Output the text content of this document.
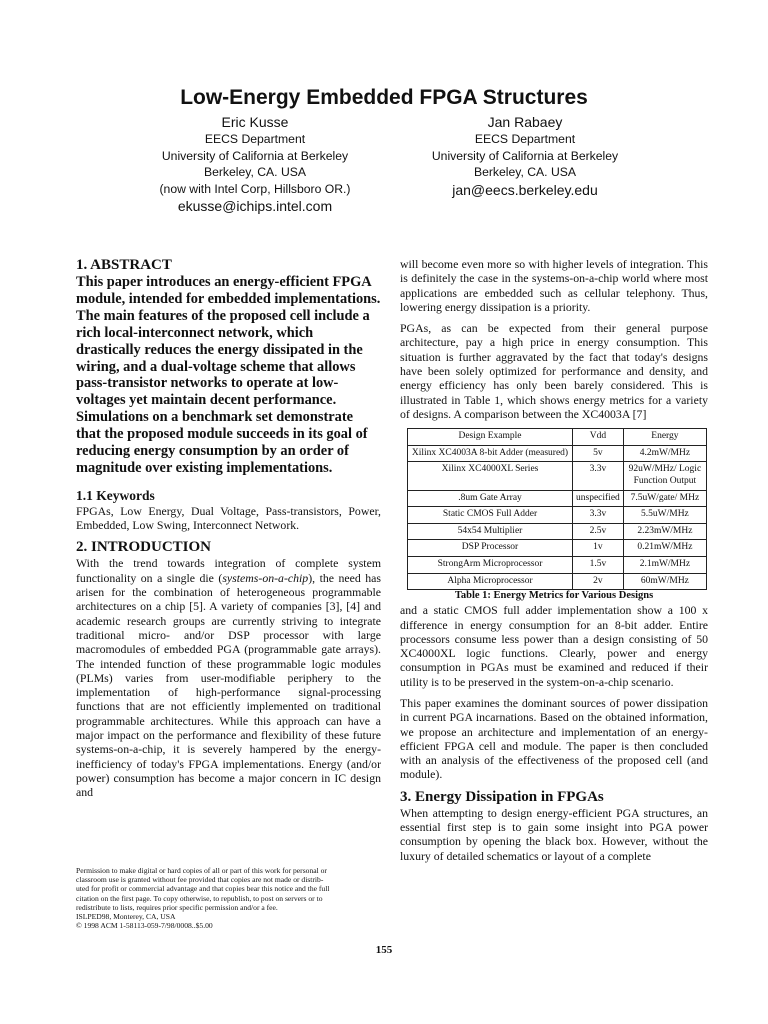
Low-Energy Embedded FPGA Structures
Eric Kusse
EECS Department
University of California at Berkeley
Berkeley, CA. USA
(now with Intel Corp, Hillsboro OR.)
ekusse@ichips.intel.com
Jan Rabaey
EECS Department
University of California at Berkeley
Berkeley, CA. USA
jan@eecs.berkeley.edu
1. ABSTRACT
This paper introduces an energy-efficient FPGA module, intended for embedded implementations. The main features of the proposed cell include a rich local-interconnect network, which drastically reduces the energy dissipated in the wiring, and a dual-voltage scheme that allows pass-transistor networks to operate at low-voltages yet maintain decent performance. Simulations on a benchmark set demonstrate that the proposed module succeeds in its goal of reducing energy consumption by an order of magnitude over existing implementations.
1.1 Keywords

FPGAs, Low Energy, Dual Voltage, Pass-transistors, Power, Embedded, Low Swing, Interconnect Network.

2. INTRODUCTION

With the trend towards integration of complete system functionality on a single die (systems-on-a-chip), the need has arisen for the combination of heterogeneous programmable architectures on a chip [5]. A variety of companies [3], [4] and academic research groups are currently striving to integrate traditional micro- and/or DSP processor with large macromodules of embedded PGA (programmable gate arrays). The intended function of these programmable logic modules (PLMs) varies from user-modifiable periphery to the implementation of high-performance signal-processing functions that are not efficiently implemented on traditional programmable architectures. While this approach can have a major impact on the performance and flexibility of these future systems-on-a-chip, it is severely hampered by the energy-inefficiency of today's FPGA implementations. Energy (and/or power) consumption has become a major concern in IC design and

will become even more so with higher levels of integration. This is definitely the case in the systems-on-a-chip world where most applications are embedded such as cellular telephony. Thus, lowering energy dissipation is a priority.

PGAs, as can be expected from their general purpose architecture, pay a high price in energy consumption. This situation is further aggravated by the fact that today's designs have been solely optimized for performance and density, and energy efficiency has only been barely considered. This is illustrated in Table 1, which shows energy metrics for a variety of designs. A comparison between the XC4003A [7]

Design Example	Vdd	Energy
Xilinx XC4003A 8-bit Adder (measured)	5v	4.2mW/MHz
Xilinx XC4000XL Series	3.3v	92uW/MHz/ Logic Function Output
.8um Gate Array	unspecified	7.5uW/gate/ MHz
Static CMOS Full Adder	3.3v	5.5uW/MHz
54x54 Multiplier	2.5v	2.23mW/MHz
DSP Processor	1v	0.21mW/MHz
StrongArm Microprocessor	1.5v	2.1mW/MHz
Alpha Microprocessor	2v	60mW/MHz
Table 1: Energy Metrics for Various Designs

and a static CMOS full adder implementation show a 100 x difference in energy consumption for an 8-bit adder. Entire processors consume less power than a design consisting of 50 XC4000XL logic functions. Clearly, power and energy consumption in PGAs must be examined and reduced if their utility is to be preserved in the system-on-a-chip scenario.

This paper examines the dominant sources of power dissipation in current PGA incarnations. Based on the obtained information, we propose an architecture and implementation of an energy-efficient FPGA cell and module. The paper is then concluded with an analysis of the effectiveness of the proposed cell (and module).

3. Energy Dissipation in FPGAs

When attempting to design energy-efficient PGA structures, an essential first step is to gain some insight into PGA power consumption by opening the black box. However, without the luxury of detailed schematics or layout of a complete

Permission to make digital or hard copies of all or part of this work for personal or
classroom use is granted without fee provided that copies are not made or distrib-
uted for profit or commercial advantage and that copies bear this notice and the full
citation on the first page. To copy otherwise, to republish, to post on servers or to
redistribute to lists, requires prior specific permission and/or a fee.
ISLPED98, Monterey, CA, USA
© 1998 ACM 1-58113-059-7/98/0008..$5.00
155
